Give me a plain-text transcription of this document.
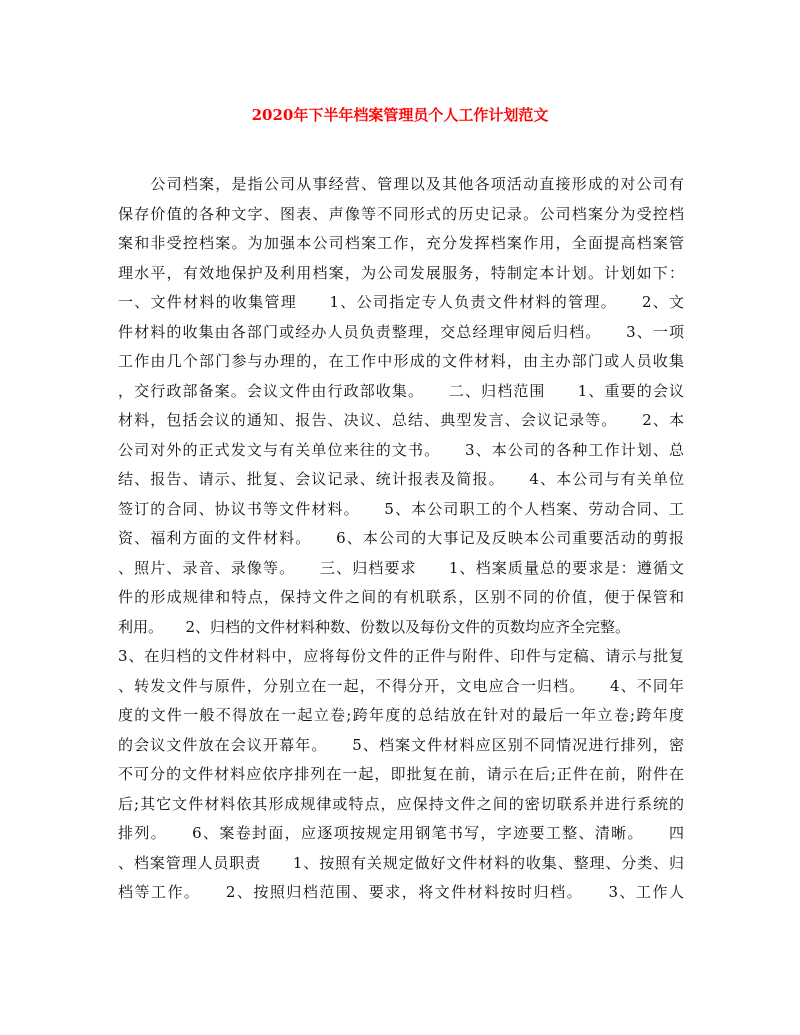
2020年下半年档案管理员个人工作计划范文
　　公司档案，是指公司从事经营、管理以及其他各项活动直接形成的对公司有
保存价值的各种文字、图表、声像等不同形式的历史记录。公司档案分为受控档
案和非受控档案。为加强本公司档案工作，充分发挥档案作用，全面提高档案管
理水平，有效地保护及利用档案，为公司发展服务，特制定本计划。计划如下：
一、文件材料的收集管理　　1、公司指定专人负责文件材料的管理。　　2、文
件材料的收集由各部门或经办人员负责整理，交总经理审阅后归档。　　3、一项
工作由几个部门参与办理的，在工作中形成的文件材料，由主办部门或人员收集
，交行政部备案。会议文件由行政部收集。　　二、归档范围　　1、重要的会议
材料，包括会议的通知、报告、决议、总结、典型发言、会议记录等。　　2、本
公司对外的正式发文与有关单位来往的文书。　　3、本公司的各种工作计划、总
结、报告、请示、批复、会议记录、统计报表及简报。　　4、本公司与有关单位
签订的合同、协议书等文件材料。　　5、本公司职工的个人档案、劳动合同、工
资、福利方面的文件材料。　　6、本公司的大事记及反映本公司重要活动的剪报
、照片、录音、录像等。　　三、归档要求　　1、档案质量总的要求是：遵循文
件的形成规律和特点，保持文件之间的有机联系，区别不同的价值，便于保管和
利用。　　2、归档的文件材料种数、份数以及每份文件的页数均应齐全完整。
3、在归档的文件材料中，应将每份文件的正件与附件、印件与定稿、请示与批复
、转发文件与原件，分别立在一起，不得分开，文电应合一归档。　　4、不同年
度的文件一般不得放在一起立卷;跨年度的总结放在针对的最后一年立卷;跨年度
的会议文件放在会议开幕年。　　5、档案文件材料应区别不同情况进行排列，密
不可分的文件材料应依序排列在一起，即批复在前，请示在后;正件在前，附件在
后;其它文件材料依其形成规律或特点，应保持文件之间的密切联系并进行系统的
排列。　　6、案卷封面，应逐项按规定用钢笔书写，字迹要工整、清晰。　　四
、档案管理人员职责　　1、按照有关规定做好文件材料的收集、整理、分类、归
档等工作。　　2、按照归档范围、要求，将文件材料按时归档。　　3、工作人
